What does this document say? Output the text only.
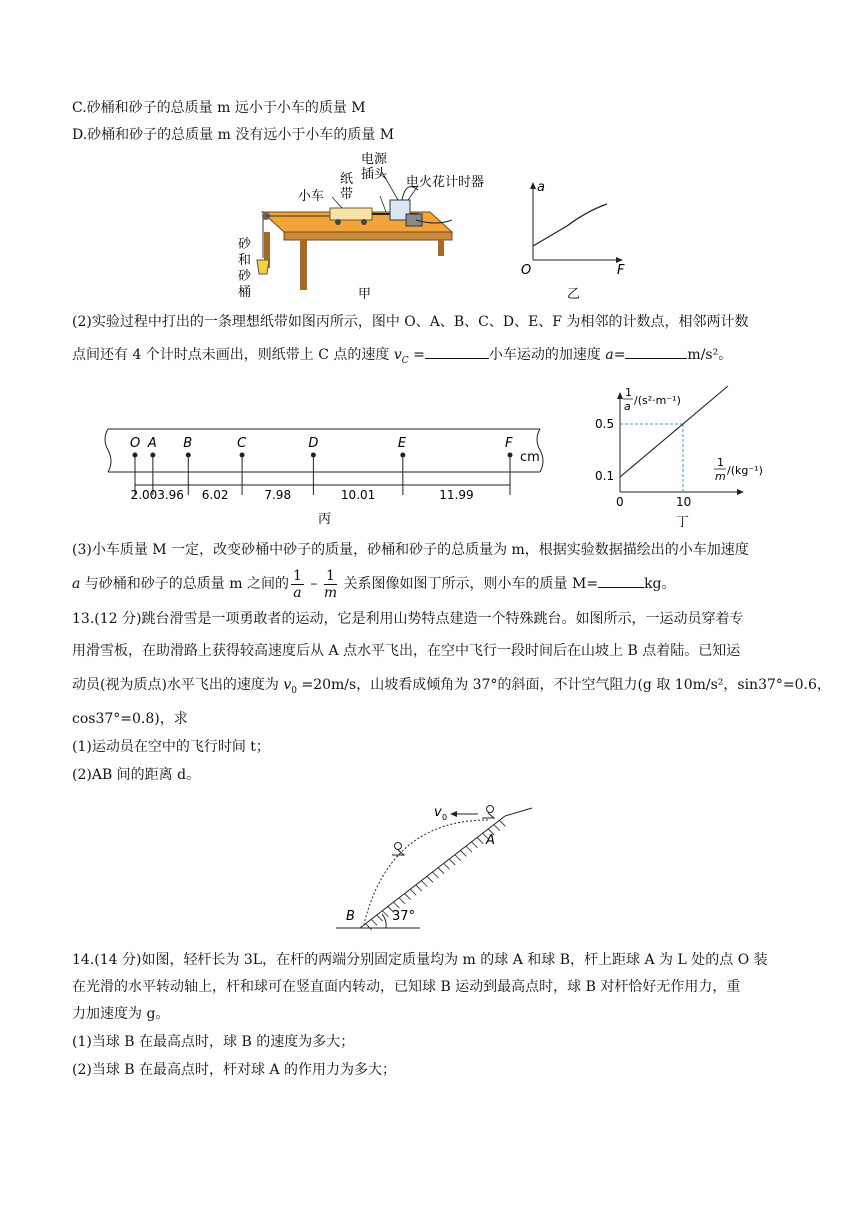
C.砂桶和砂子的总质量 m 远小于小车的质量 M
D.砂桶和砂子的总质量 m 没有远小于小车的质量 M
电源
插头
纸
带
小车
电火花计时器
砂
和
砂
桶	甲
a
F
O
乙
(2)实验过程中打出的一条理想纸带如图丙所示，图中 O、A、B、C、D、E、F 为相邻的计数点，相邻两计数
点间还有 4 个计时点未画出，则纸带上 C 点的速度 $v_C$ =	小车运动的加速度 a=	m/s²。
O A B	C	D	E	F
2.00 3.96 6.02	7.98	10.01	11.99
cm
丙
1
a /(s²·m⁻¹)
1
m /(kg⁻¹)
0.5
0.1
0	10
丁
(3)小车质量 M 一定，改变砂桶中砂子的质量，砂桶和砂子的总质量为 m，根据实验数据描绘出的小车加速度
a 与砂桶和砂子的总质量 m 之间的 $\frac{1}{a} - \frac{1}{m}$ 关系图像如图丁所示，则小车的质量 M=	kg。
13.(12 分)跳台滑雪是一项勇敢者的运动，它是利用山势特点建造一个特殊跳台。如图所示，一运动员穿着专
用滑雪板，在助滑路上获得较高速度后从 A 点水平飞出，在空中飞行一段时间后在山坡上 B 点着陆。已知运
动员(视为质点)水平飞出的速度为 $v_0 =20m/s$，山坡看成倾角为 37°的斜面，不计空气阻力(g 取 10m/s²，sin37°=0.6，
cos37°=0.8)，求
(1)运动员在空中的飞行时间 t；
(2)AB 间的距离 d。
v 0
A
B	37°
14.(14 分)如图，轻杆长为 3L，在杆的两端分别固定质量均为 m 的球 A 和球 B，杆上距球 A 为 L 处的点 O 装
在光滑的水平转动轴上，杆和球可在竖直面内转动，已知球 B 运动到最高点时，球 B 对杆恰好无作用力，重
力加速度为 g。
(1)当球 B 在最高点时，球 B 的速度为多大；
(2)当球 B 在最高点时，杆对球 A 的作用力为多大；
